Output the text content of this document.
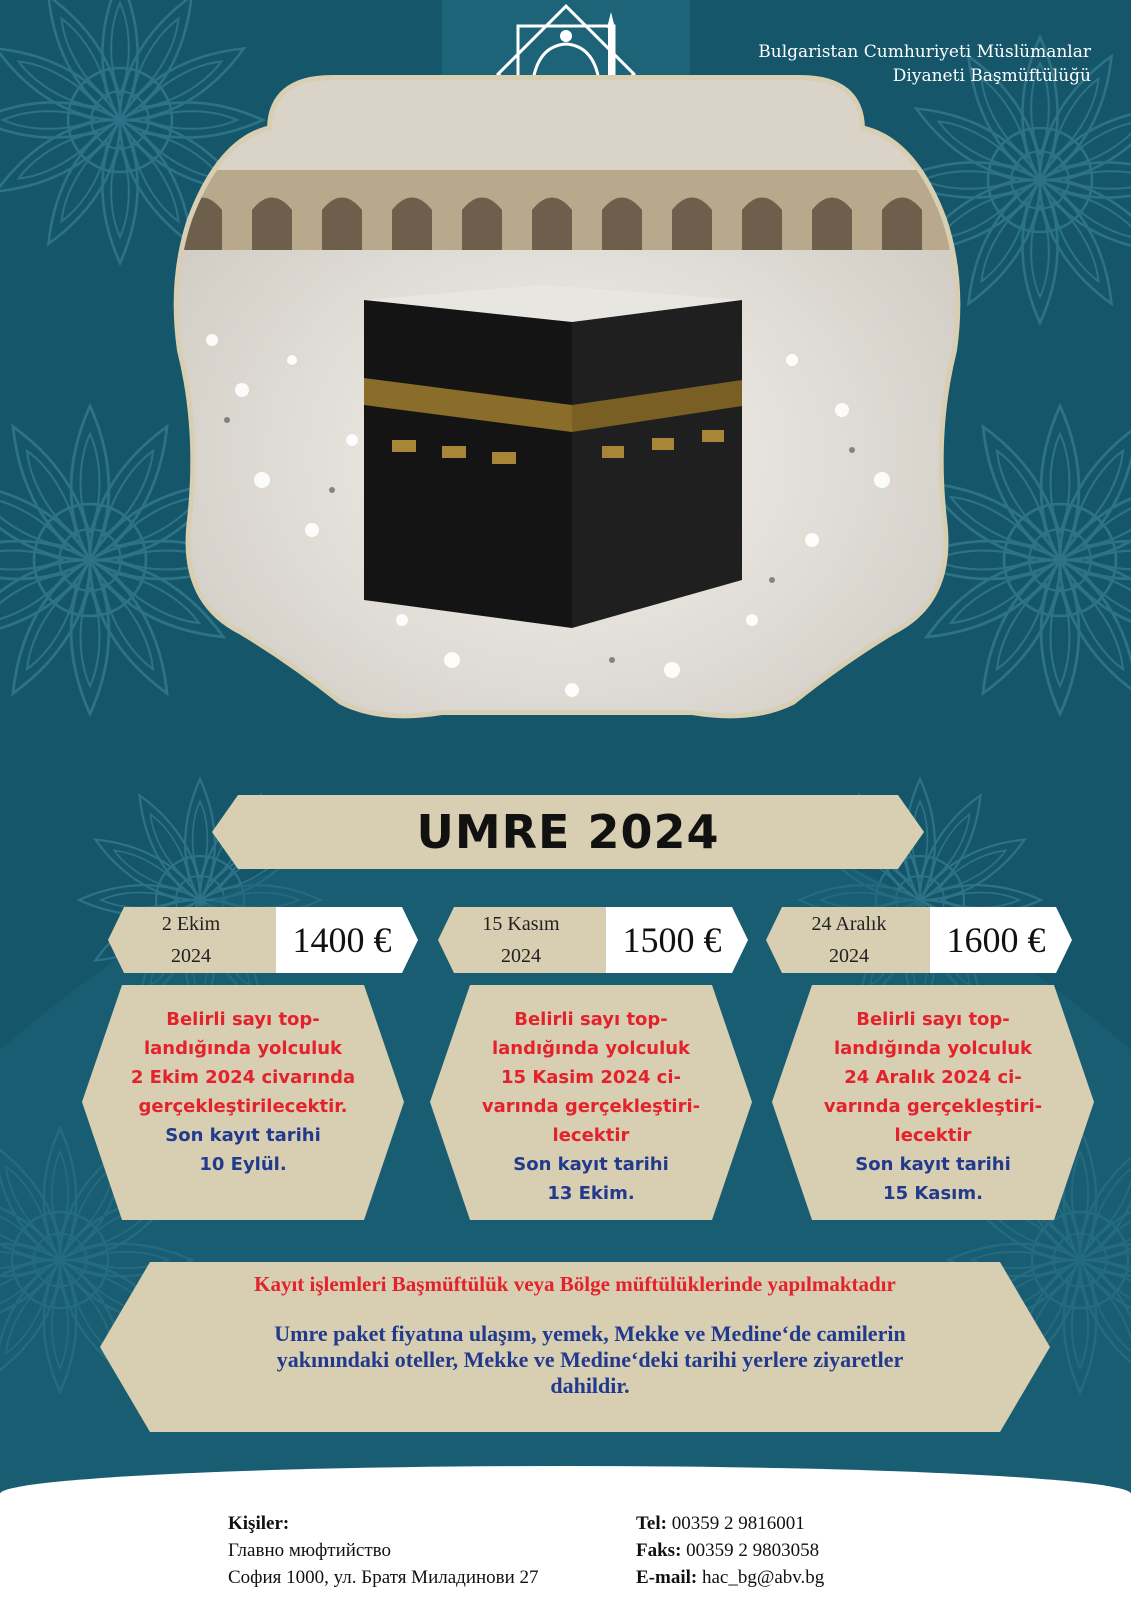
Bulgaristan Cumhuriyeti Müslümanlar
Diyaneti Başmüftülüğü
UMRE 2024
2 Ekim
2024	1400 €
Belirli sayı top-
landığında yolculuk
2 Ekim 2024 civarında
gerçekleştirilecektir.
Son kayıt tarihi
10 Eylül.
15 Kasım
2024	1500 €
Belirli sayı top-
landığında yolculuk
15 Kasim 2024 ci-
varında gerçekleştiri-
lecektir
Son kayıt tarihi
13 Ekim.
24 Aralık
2024	1600 €
Belirli sayı top-
landığında yolculuk
24 Aralık 2024 ci-
varında gerçekleştiri-
lecektir
Son kayıt tarihi
15 Kasım.
Kayıt işlemleri Başmüftülük veya Bölge müftülüklerinde yapılmaktadır
Umre paket fiyatına ulaşım, yemek, Mekke ve Medine‘de camilerin
yakınındaki oteller, Mekke ve Medine‘deki tarihi yerlere ziyaretler
dahildir.
Kişiler:
Главно мюфтийство
София 1000, ул. Братя Миладинови 27
Tel: 00359 2 9816001
Faks: 00359 2 9803058
E-mail: hac_bg@abv.bg
